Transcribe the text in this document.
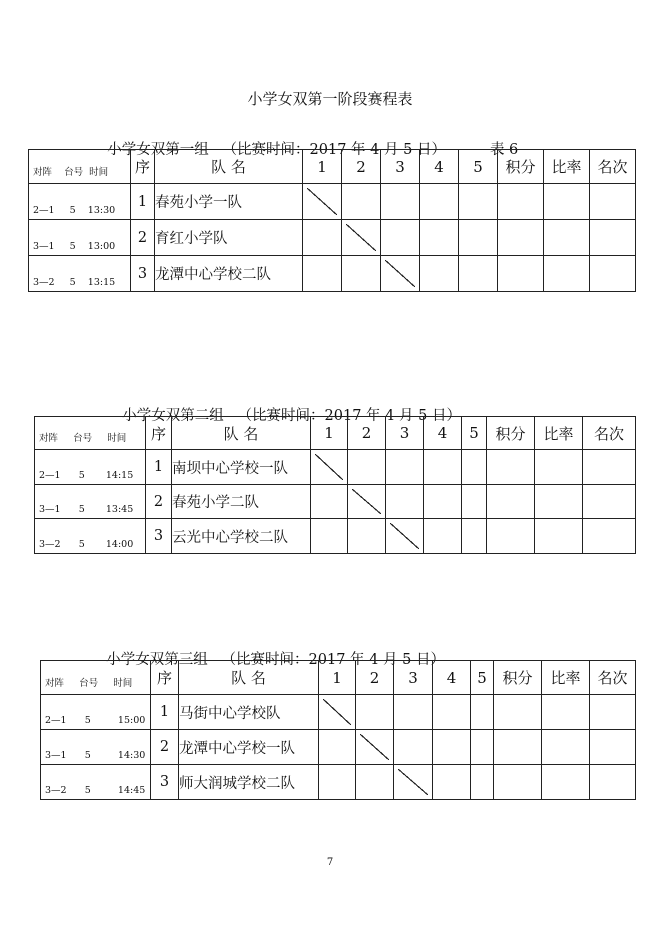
小学女双第一阶段赛程表

小学女双第一组   （比赛时间：2017 年 4 月 5 日）	表 6

对阵    台号  时间	序	队 名	1	2	3	4	5	积分	比率	名次

2—1     5    13:30	1	春苑小学一队								

3—1     5    13:00	2	育红小学队								

3—2     5    13:15	3	龙潭中心学校二队								

小学女双第二组   （比赛时间：2017 年 4 月 5 日）

对阵     台号     时间	序	队 名	1	2	3	4	5	积分	比率	名次

2—1      5       14:15	1	南坝中心学校一队								

3—1      5       13:45	2	春苑小学二队								

3—2      5       14:00	3	云光中心学校二队								

小学女双第三组   （比赛时间：2017 年 4 月 5 日）

对阵     台号     时间	序	队 名	1	2	3	4	5	积分	比率	名次

2—1      5         15:00	1	马街中心学校队								

3—1      5         14:30	2	龙潭中心学校一队								

3—2      5         14:45	3	师大润城学校二队								
7
